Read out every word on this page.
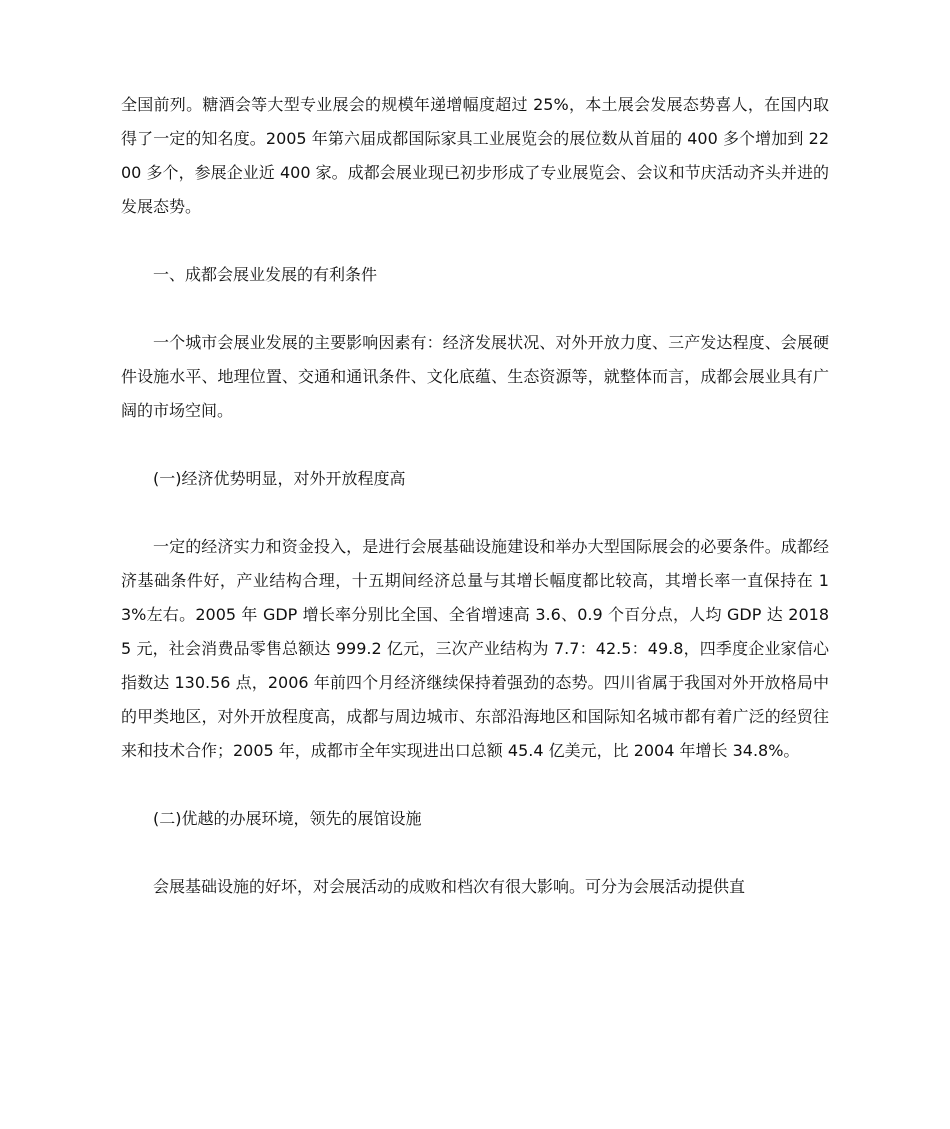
全国前列。糖酒会等大型专业展会的规模年递增幅度超过 25%，本土展会发展态势喜人，在国内取得了一定的知名度。2005 年第六届成都国际家具工业展览会的展位数从首届的 400 多个增加到 2200 多个，参展企业近 400 家。成都会展业现已初步形成了专业展览会、会议和节庆活动齐头并进的发展态势。

一、成都会展业发展的有利条件

一个城市会展业发展的主要影响因素有：经济发展状况、对外开放力度、三产发达程度、会展硬件设施水平、地理位置、交通和通讯条件、文化底蕴、生态资源等，就整体而言，成都会展业具有广阔的市场空间。

(一)经济优势明显，对外开放程度高

一定的经济实力和资金投入，是进行会展基础设施建设和举办大型国际展会的必要条件。成都经济基础条件好，产业结构合理，十五期间经济总量与其增长幅度都比较高，其增长率一直保持在 13%左右。2005 年 GDP 增长率分别比全国、全省增速高 3.6、0.9 个百分点，人均 GDP 达 20185 元，社会消费品零售总额达 999.2 亿元，三次产业结构为 7.7：42.5：49.8，四季度企业家信心指数达 130.56 点，2006 年前四个月经济继续保持着强劲的态势。四川省属于我国对外开放格局中的甲类地区，对外开放程度高，成都与周边城市、东部沿海地区和国际知名城市都有着广泛的经贸往来和技术合作；2005 年，成都市全年实现进出口总额 45.4 亿美元，比 2004 年增长 34.8%。

(二)优越的办展环境，领先的展馆设施

会展基础设施的好坏，对会展活动的成败和档次有很大影响。可分为会展活动提供直
